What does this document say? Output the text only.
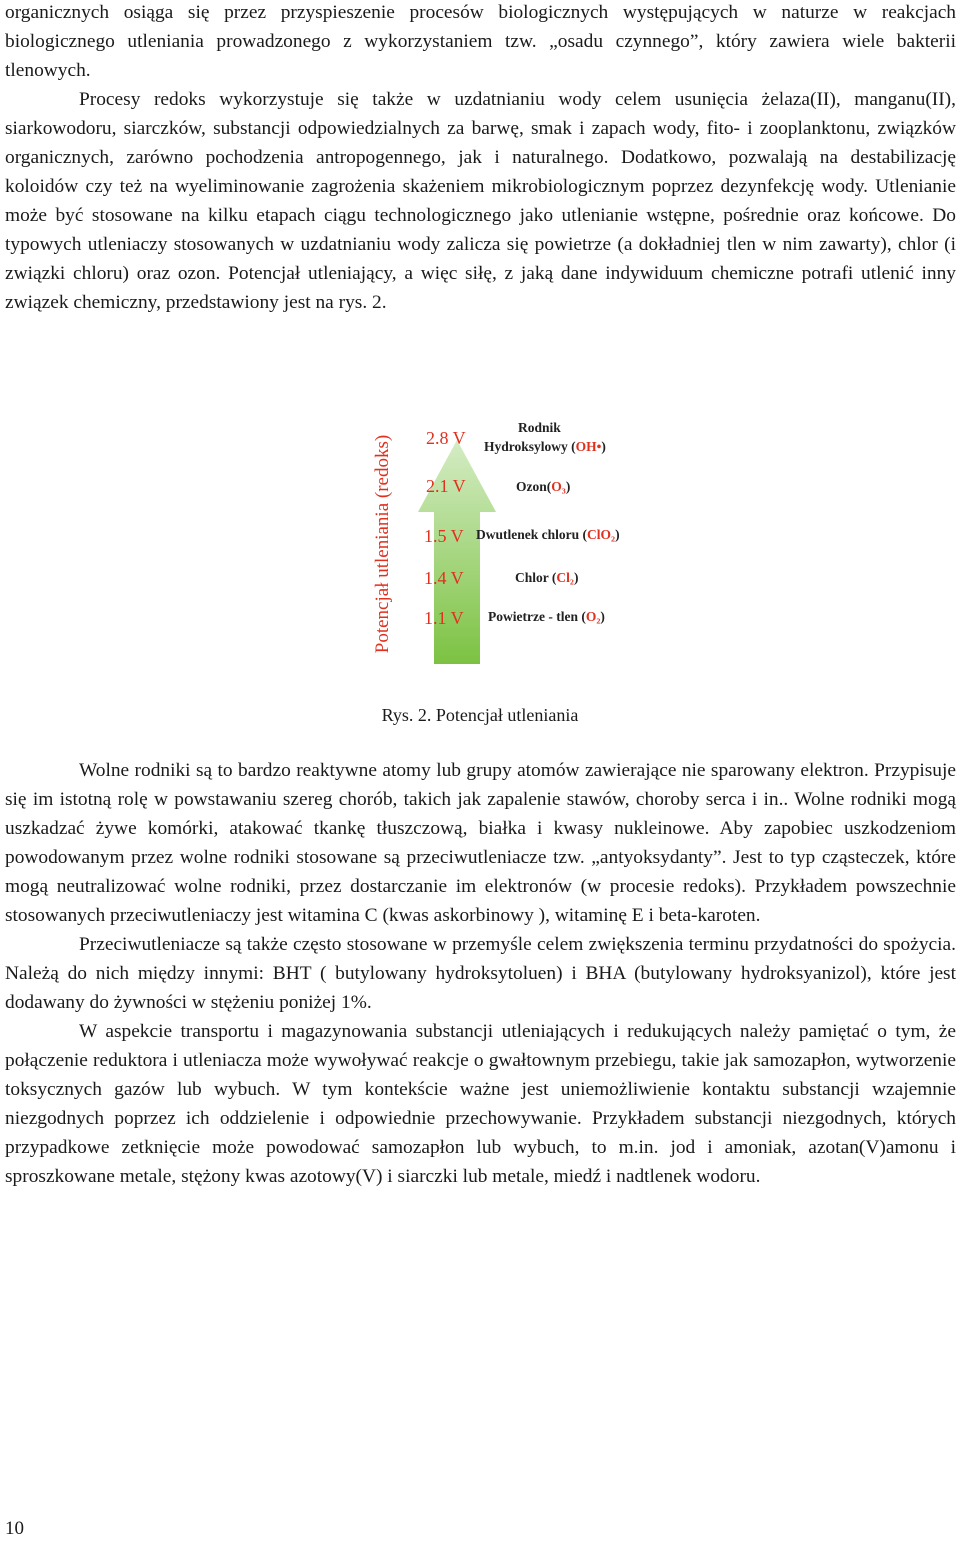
organicznych osiąga się przez przyspieszenie procesów biologicznych występujących w naturze w reakcjach biologicznego utleniania prowadzonego z wykorzystaniem tzw. „osadu czynnego”, który zawiera wiele bakterii tlenowych.

Procesy redoks wykorzystuje się także w uzdatnianiu wody celem usunięcia żelaza(II), manganu(II), siarkowodoru, siarczków, substancji odpowiedzialnych za barwę, smak i zapach wody, fito- i zooplanktonu, związków organicznych, zarówno pochodzenia antropogennego, jak i naturalnego. Dodatkowo, pozwalają na destabilizację koloidów czy też na wyeliminowanie zagrożenia skażeniem mikrobiologicznym poprzez dezynfekcję wody. Utlenianie może być stosowane na kilku etapach ciągu technologicznego jako utlenianie wstępne, pośrednie oraz końcowe. Do typowych utleniaczy stosowanych w uzdatnianiu wody zalicza się powietrze (a dokładniej tlen w nim zawarty), chlor (i związki chloru) oraz ozon. Potencjał utleniający, a więc siłę, z jaką dane indywiduum chemiczne potrafi utlenić inny związek chemiczny, przedstawiony jest na rys. 2.

Potencjał utleniania (redoks) 2.8 V
Rodnik
Hydroksylowy (OH•)
2.1 V	Ozon(O₃)
1.5 V Dwutlenek chloru (ClO₂)
1.4 V	Chlor (Cl₂)
1.1 V Powietrze - tlen (O₂)
Rys. 2. Potencjał utleniania

Wolne rodniki są to bardzo reaktywne atomy lub grupy atomów zawierające nie sparowany elektron. Przypisuje się im istotną rolę w powstawaniu szereg chorób, takich jak zapalenie stawów, choroby serca i in.. Wolne rodniki mogą uszkadzać żywe komórki, atakować tkankę tłuszczową, białka i kwasy nukleinowe. Aby zapobiec uszkodzeniom powodowanym przez wolne rodniki stosowane są przeciwutleniacze tzw. „antyoksydanty”. Jest to typ cząsteczek, które mogą neutralizować wolne rodniki, przez dostarczanie im elektronów (w procesie redoks). Przykładem powszechnie stosowanych przeciwutleniaczy jest witamina C (kwas askorbinowy ), witaminę E i beta-karoten.

Przeciwutleniacze są także często stosowane w przemyśle celem zwiększenia terminu przydatności do spożycia. Należą do nich między innymi: BHT ( butylowany hydroksytoluen) i BHA (butylowany hydroksyanizol), które jest dodawany do żywności w stężeniu poniżej 1%.

W aspekcie transportu i magazynowania substancji utleniających i redukujących należy pamiętać o tym, że połączenie reduktora i utleniacza może wywoływać reakcje o gwałtownym przebiegu, takie jak samozapłon, wytworzenie toksycznych gazów lub wybuch. W tym kontekście ważne jest uniemożliwienie kontaktu substancji wzajemnie niezgodnych poprzez ich oddzielenie i odpowiednie przechowywanie. Przykładem substancji niezgodnych, których przypadkowe zetknięcie może powodować samozapłon lub wybuch, to m.in. jod i amoniak, azotan(V)amonu i sproszkowane metale, stężony kwas azotowy(V) i siarczki lub metale, miedź i nadtlenek wodoru.

10
